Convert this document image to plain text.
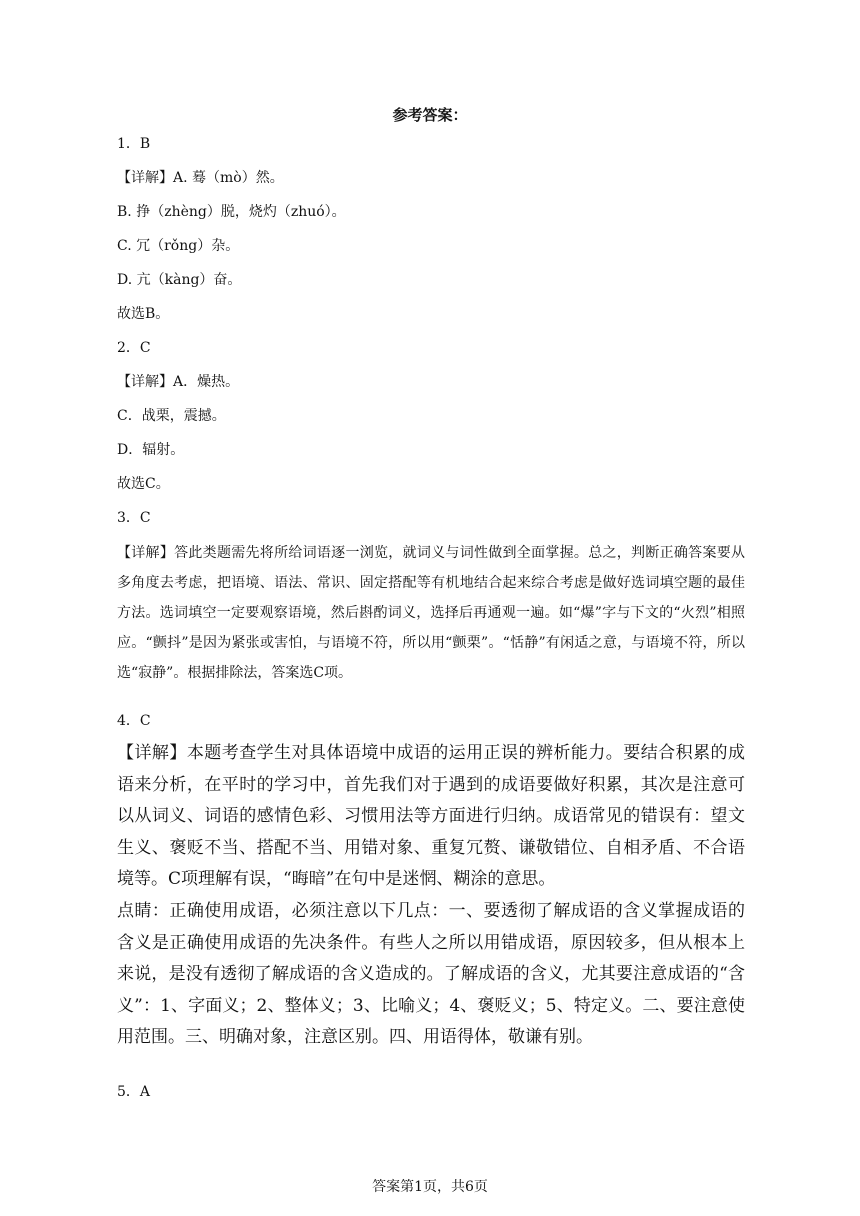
参考答案：
1．B
【详解】A. 蓦（mò）然。
B. 挣（zhèng）脱，烧灼（zhuó）。
C. 冗（rǒng）杂。
D. 亢（kàng）奋。
故选B。
2．C
【详解】A．燥热。
C．战栗，震撼。
D．辐射。
故选C。
3．C
【详解】答此类题需先将所给词语逐一浏览，就词义与词性做到全面掌握。总之，判断正确答案要从多角度去考虑，把语境、语法、常识、固定搭配等有机地结合起来综合考虑是做好选词填空题的最佳方法。选词填空一定要观察语境，然后斟酌词义，选择后再通观一遍。如“爆”字与下文的“火烈”相照应。“颤抖”是因为紧张或害怕，与语境不符，所以用“颤栗”。“恬静”有闲适之意，与语境不符，所以选“寂静”。根据排除法，答案选C项。
4．C
【详解】本题考查学生对具体语境中成语的运用正误的辨析能力。要结合积累的成语来分析，在平时的学习中，首先我们对于遇到的成语要做好积累，其次是注意可以从词义、词语的感情色彩、习惯用法等方面进行归纳。成语常见的错误有：望文生义、褒贬不当、搭配不当、用错对象、重复冗赘、谦敬错位、自相矛盾、不合语境等。C项理解有误，“晦暗”在句中是迷惘、糊涂的意思。
点睛：正确使用成语，必须注意以下几点：一、要透彻了解成语的含义掌握成语的含义是正确使用成语的先决条件。有些人之所以用错成语，原因较多，但从根本上来说，是没有透彻了解成语的含义造成的。了解成语的含义，尤其要注意成语的“含义”：1、字面义；2、整体义；3、比喻义；4、褒贬义；5、特定义。二、要注意使用范围。三、明确对象，注意区别。四、用语得体，敬谦有别。
5．A
答案第1页，共6页
